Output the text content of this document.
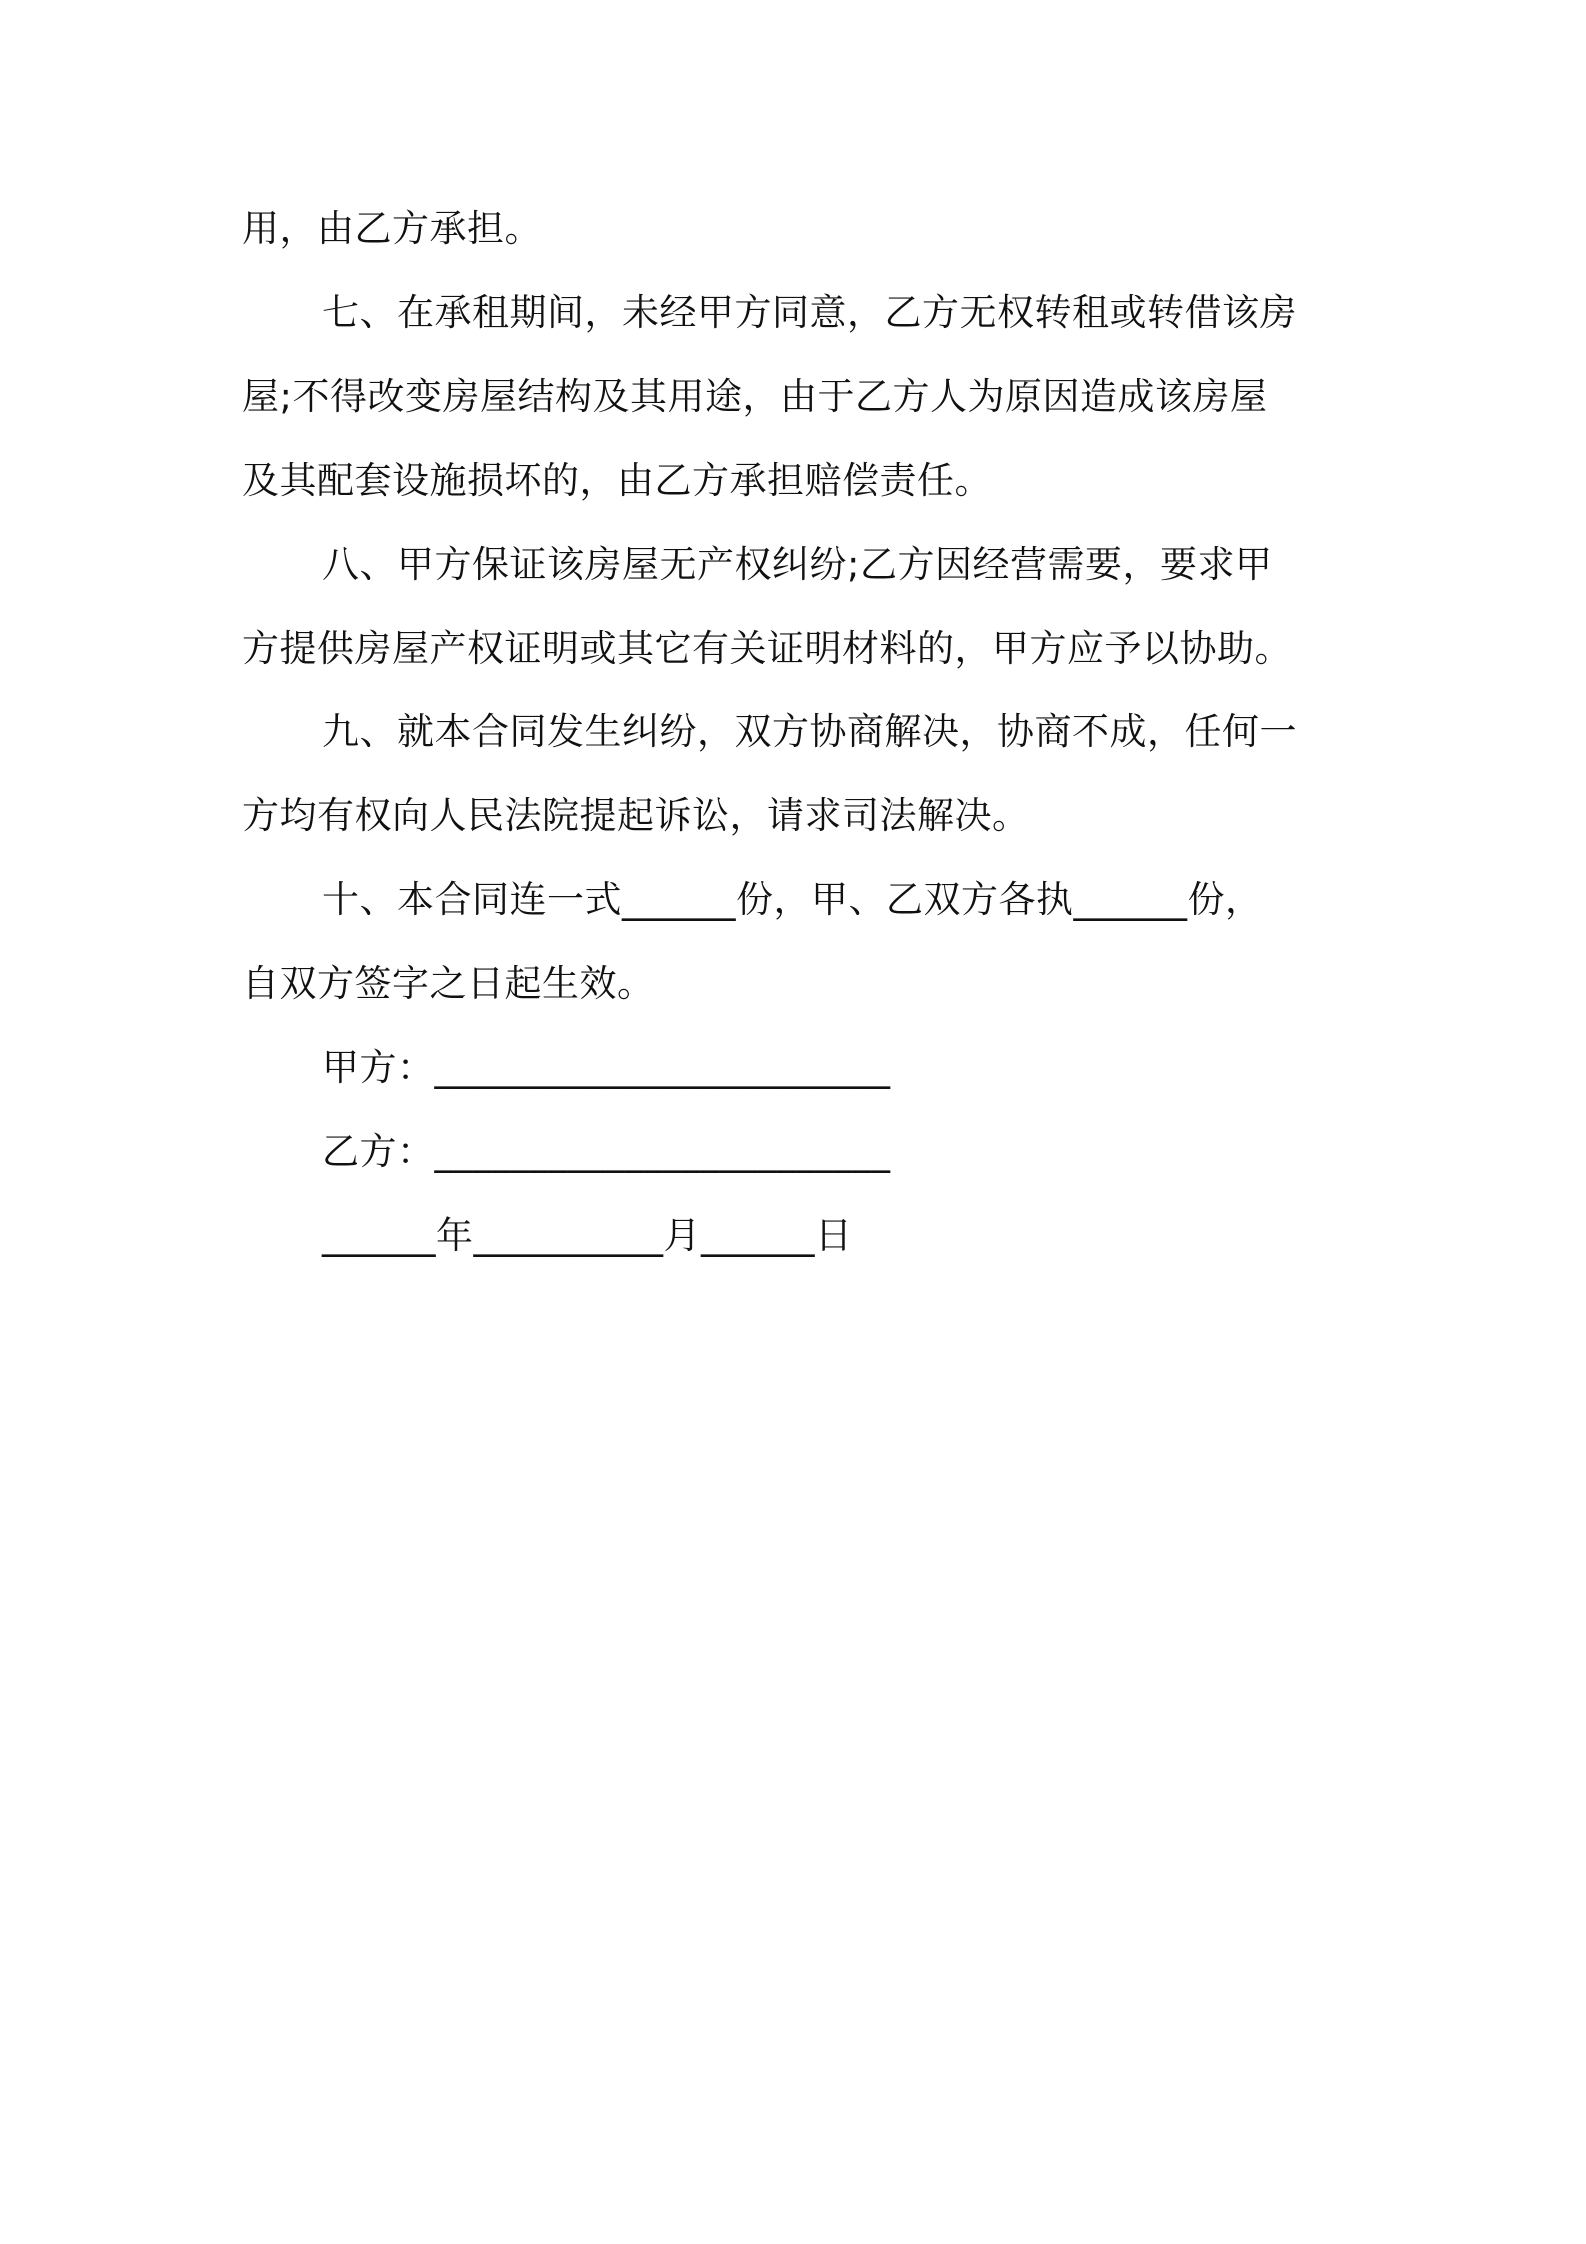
用，由乙方承担。
七、在承租期间，未经甲方同意，乙方无权转租或转借该房
屋;不得改变房屋结构及其用途，由于乙方人为原因造成该房屋
及其配套设施损坏的，由乙方承担赔偿责任。
八、甲方保证该房屋无产权纠纷;乙方因经营需要，要求甲
方提供房屋产权证明或其它有关证明材料的，甲方应予以协助。
九、就本合同发生纠纷，双方协商解决，协商不成，任何一
方均有权向人民法院提起诉讼，请求司法解决。
十、本合同连一式______份，甲、乙双方各执______份，
自双方签字之日起生效。
甲方：________________________
乙方：________________________
______年__________月______日
